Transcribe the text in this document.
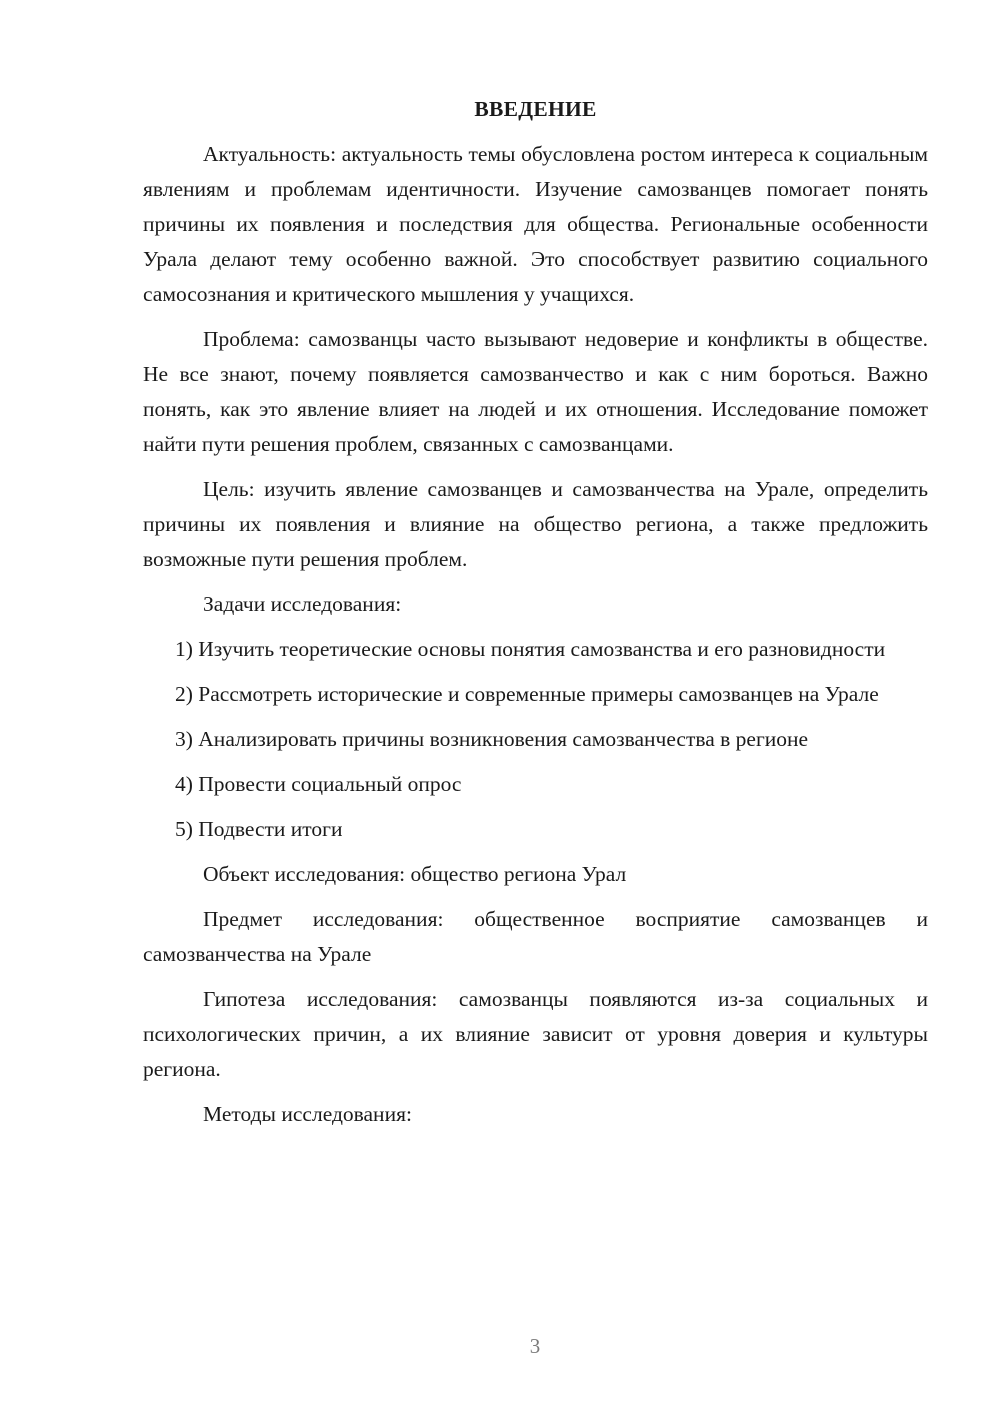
ВВЕДЕНИЕ

Актуальность: актуальность темы обусловлена ростом интереса к социальным явлениям и проблемам идентичности. Изучение самозванцев помогает понять причины их появления и последствия для общества. Региональные особенности Урала делают тему особенно важной. Это способствует развитию социального самосознания и критического мышления у учащихся.

Проблема: самозванцы часто вызывают недоверие и конфликты в обществе. Не все знают, почему появляется самозванчество и как с ним бороться. Важно понять, как это явление влияет на людей и их отношения. Исследование поможет найти пути решения проблем, связанных с самозванцами.

Цель: изучить явление самозванцев и самозванчества на Урале, определить причины их появления и влияние на общество региона, а также предложить возможные пути решения проблем.

Задачи исследования:

1) Изучить теоретические основы понятия самозванства и его разновидности

2) Рассмотреть исторические и современные примеры самозванцев на Урале

3) Анализировать причины возникновения самозванчества в регионе

4) Провести социальный опрос

5) Подвести итоги

Объект исследования: общество региона Урал

Предмет исследования: общественное восприятие самозванцев и самозванчества на Урале

Гипотеза исследования: самозванцы появляются из-за социальных и психологических причин, а их влияние зависит от уровня доверия и культуры региона.

Методы исследования:

3
